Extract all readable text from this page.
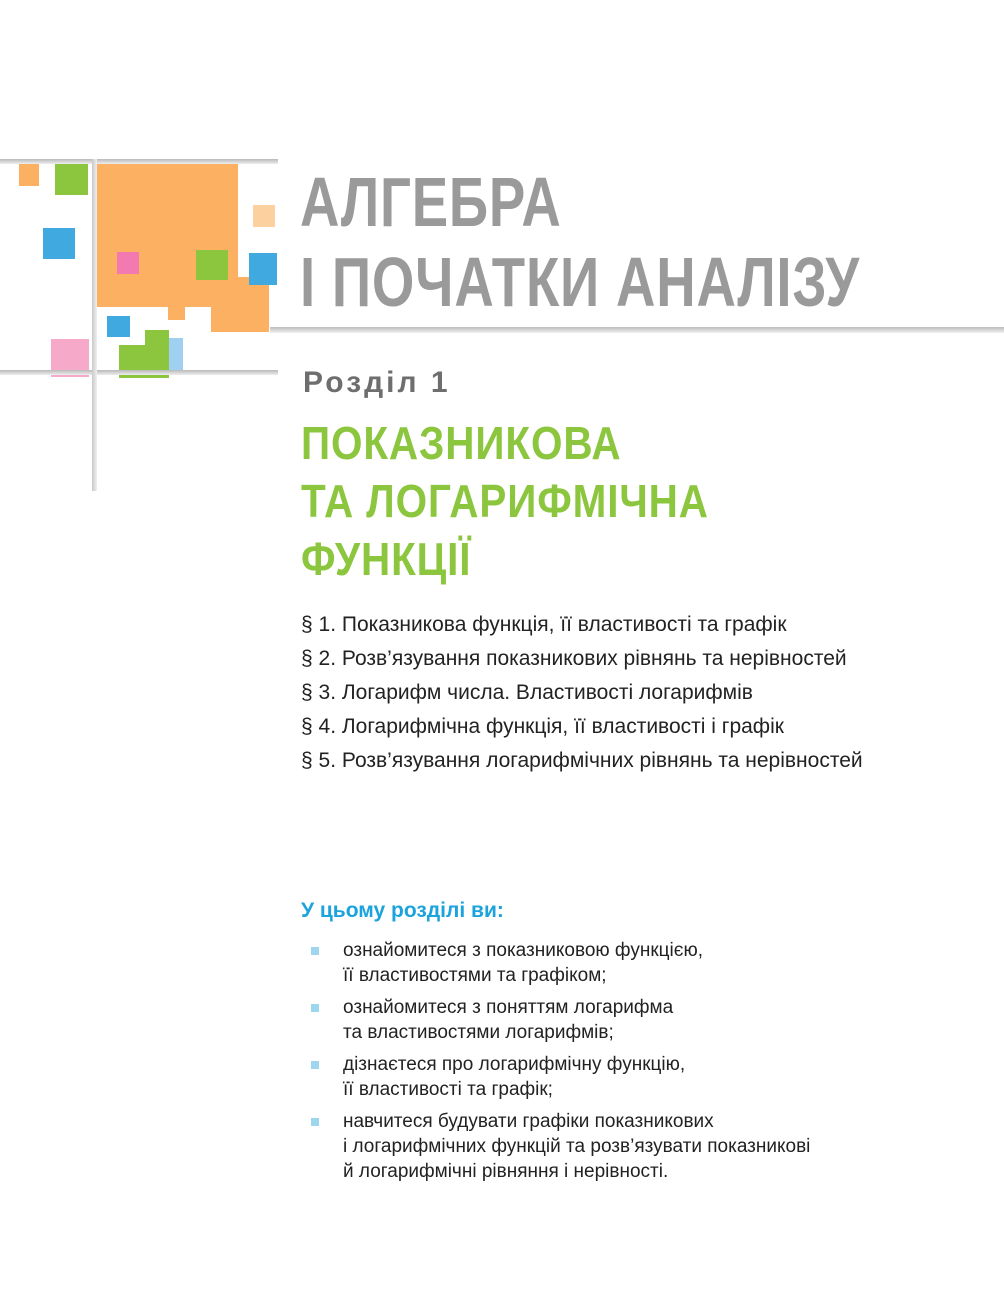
АЛГЕБРА
І ПОЧАТКИ АНАЛІЗУ
Розділ 1
ПОКАЗНИКОВА
ТА ЛОГАРИФМІЧНА
ФУНКЦІЇ
§ 1. Показникова функція, її властивості та графік
§ 2. Розв’язування показникових рівнянь та нерівностей
§ 3. Логарифм числа. Властивості логарифмів
§ 4. Логарифмічна функція, її властивості і графік
§ 5. Розв’язування логарифмічних рівнянь та нерівностей
У цьому розділі ви:
ознайомитеся з показниковою функцією,
її властивостями та графіком;
ознайомитеся з поняттям логарифма
та властивостями логарифмів;
дізнаєтеся про логарифмічну функцію,
її властивості та графік;
навчитеся будувати графіки показникових
і логарифмічних функцій та розв’язувати показникові
й логарифмічні рівняння і нерівності.
